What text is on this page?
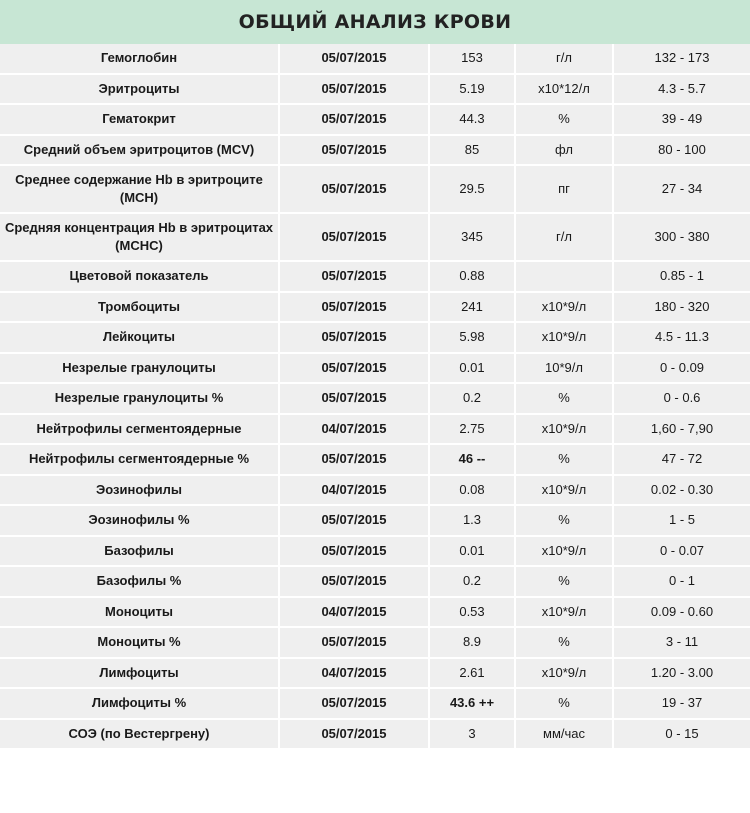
ОБЩИЙ АНАЛИЗ КРОВИ
Гемоглобин	05/07/2015	153	г/л	132 - 173
Эритроциты	05/07/2015	5.19	x10*12/л	4.3 - 5.7
Гематокрит	05/07/2015	44.3	%	39 - 49
Средний объем эритроцитов (MCV)	05/07/2015	85	фл	80 - 100
Среднее содержание Hb в эритроците (MCH)	05/07/2015	29.5	пг	27 - 34
Средняя концентрация Hb в эритроцитах (MCHC)	05/07/2015	345	г/л	300 - 380
Цветовой показатель	05/07/2015	0.88		0.85 - 1
Тромбоциты	05/07/2015	241	x10*9/л	180 - 320
Лейкоциты	05/07/2015	5.98	x10*9/л	4.5 - 11.3
Незрелые гранулоциты	05/07/2015	0.01	10*9/л	0 - 0.09
Незрелые гранулоциты %	05/07/2015	0.2	%	0 - 0.6
Нейтрофилы сегментоядерные	04/07/2015	2.75	x10*9/л	1,60 - 7,90
Нейтрофилы сегментоядерные %	05/07/2015	46 --	%	47 - 72
Эозинофилы	04/07/2015	0.08	x10*9/л	0.02 - 0.30
Эозинофилы %	05/07/2015	1.3	%	1 - 5
Базофилы	05/07/2015	0.01	x10*9/л	0 - 0.07
Базофилы %	05/07/2015	0.2	%	0 - 1
Моноциты	04/07/2015	0.53	x10*9/л	0.09 - 0.60
Моноциты %	05/07/2015	8.9	%	3 - 11
Лимфоциты	04/07/2015	2.61	x10*9/л	1.20 - 3.00
Лимфоциты %	05/07/2015	43.6 ++	%	19 - 37
СОЭ (по Вестергрену)	05/07/2015	3	мм/час	0 - 15
